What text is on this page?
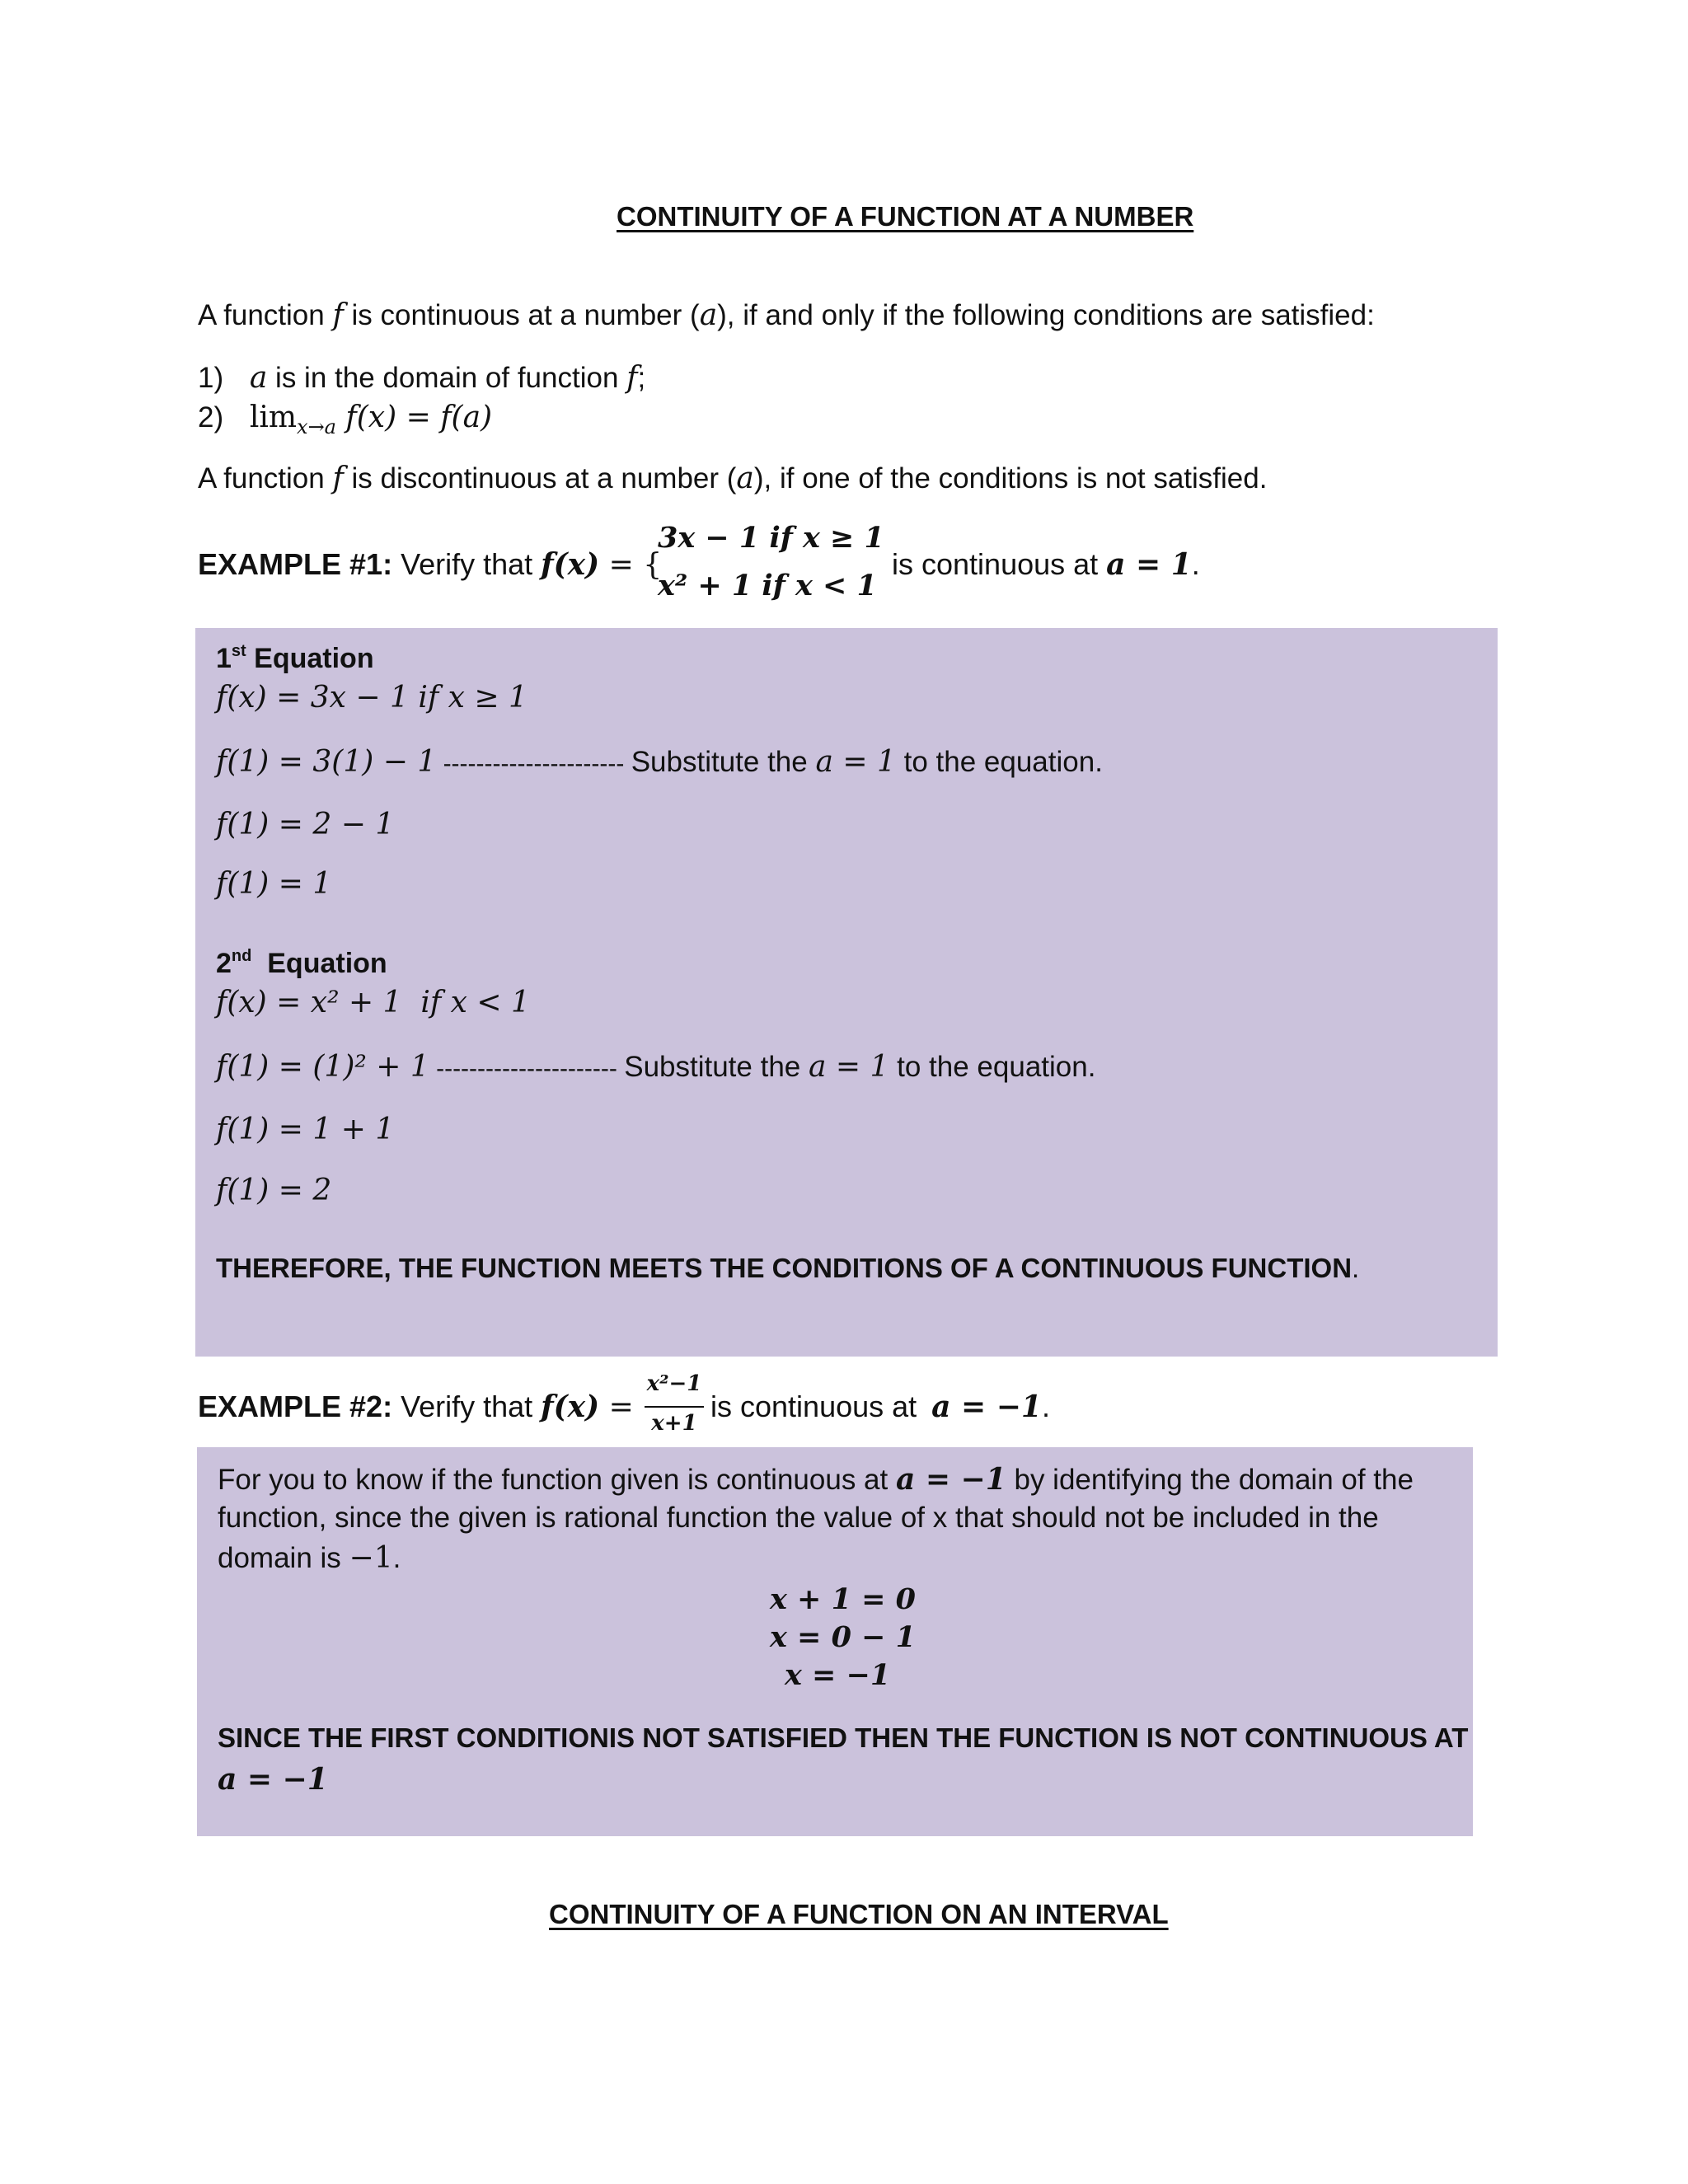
CONTINUITY OF A FUNCTION AT A NUMBER
A function f is continuous at a number (a), if and only if the following conditions are satisfied:
1) a is in the domain of function f;
2) $\lim_{x\to a} f(x) = f(a)$
A function f is discontinuous at a number (a), if one of the conditions is not satisfied.
EXAMPLE #1: Verify that f(x) = {
3x − 1 if x ≥ 1
x² + 1 if x < 1
is continuous at a = 1.
1st Equation
f(x) = 3x − 1 if x ≥ 1
f(1) = 3(1) − 1 ---------------------- Substitute the a = 1 to the equation.
f(1) = 2 − 1
f(1) = 1
2nd  Equation
f(x) = x² + 1  if x < 1
f(1) = (1)² + 1 ---------------------- Substitute the a = 1 to the equation.
f(1) = 1 + 1
f(1) = 2
THEREFORE, THE FUNCTION MEETS THE CONDITIONS OF A CONTINUOUS FUNCTION.
EXAMPLE #2: Verify that f(x) =
x²−1
x+1 is continuous at a = −1.
For you to know if the function given is continuous at a = −1 by identifying the domain of the
function, since the given is rational function the value of x that should not be included in the
domain is −1.
x + 1 = 0
x = 0 − 1
x = −1
SINCE THE FIRST CONDITIONIS NOT SATISFIED THEN THE FUNCTION IS NOT CONTINUOUS AT
a = −1
CONTINUITY OF A FUNCTION ON AN INTERVAL
